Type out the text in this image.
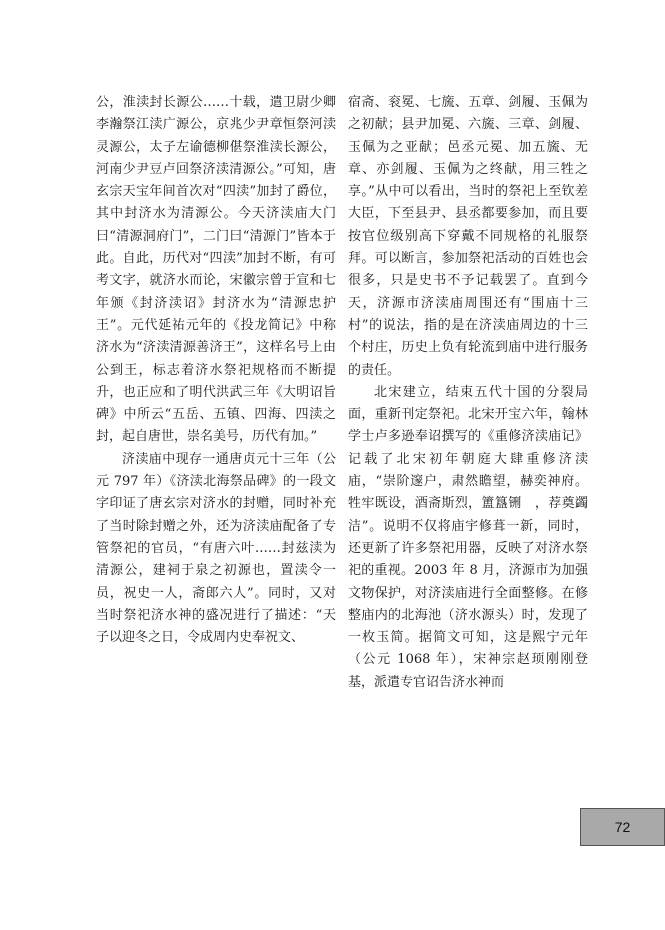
公，淮渎封长源公……十载，遣卫尉少卿李瀚祭江渎广源公，京兆少尹章恒祭河渎灵源公，太子左谕德柳偡祭淮渎长源公，河南少尹豆卢回祭济渎清源公。”可知，唐玄宗天宝年间首次对“四渎”加封了爵位，其中封济水为清源公。今天济渎庙大门曰“清源洞府门”，二门曰“清源门”皆本于此。自此，历代对“四渎”加封不断，有可考文字，就济水而论，宋徽宗曾于宣和七年颁《封济渎诏》封济水为“清源忠护王”。元代延祐元年的《投龙简记》中称济水为“济渎清源善济王”，这样名号上由公到王，标志着济水祭祀规格而不断提升，也正应和了明代洪武三年《大明诏旨碑》中所云“五岳、五镇、四海、四渎之封，起自唐世，崇名美号，历代有加。”

济渎庙中现存一通唐贞元十三年（公元 797 年）《济渎北海祭品碑》的一段文字印证了唐玄宗对济水的封赠，同时补充了当时除封赠之外，还为济渎庙配备了专管祭祀的官员，“有唐六叶……封兹渎为清源公，建祠于泉之初源也，置渎令一员，祝史一人，斋郎六人”。同时，又对当时祭祀济水神的盛况进行了描述：“天子以迎冬之日，令成周内史奉祝文、

宿斋、衮冕、七旒、五章、剑履、玉佩为之初献；县尹加冕、六旒、三章、剑履、玉佩为之亚献；邑丞元冕、加五旒、无章、亦剑履、玉佩为之终献，用三牲之享。”从中可以看出，当时的祭祀上至钦差大臣，下至县尹、县丞都要参加，而且要按官位级别高下穿戴不同规格的礼服祭拜。可以断言，参加祭祀活动的百姓也会很多，只是史书不予记载罢了。直到今天，济源市济渎庙周围还有“围庙十三村”的说法，指的是在济渎庙周边的十三个村庄，历史上负有轮流到庙中进行服务的责任。

北宋建立，结束五代十国的分裂局面，重新刊定祭祀。北宋开宝六年，翰林学士卢多逊奉诏撰写的《重修济渎庙记》记载了北宋初年朝庭大肆重修济渎庙，“崇阶邃户，肃然瞻望，赫奕神府。牲牢既设，酒斋斯烈，簠簋铏　，荐奠蠲洁”。说明不仅将庙宇修葺一新，同时，还更新了许多祭祀用器，反映了对济水祭祀的重视。2003 年 8 月，济源市为加强文物保护，对济渎庙进行全面整修。在修整庙内的北海池（济水源头）时，发现了一枚玉简。据简文可知，这是熙宁元年（公元 1068 年），宋神宗赵顼刚刚登基，派遣专官诏告济水神而

72
